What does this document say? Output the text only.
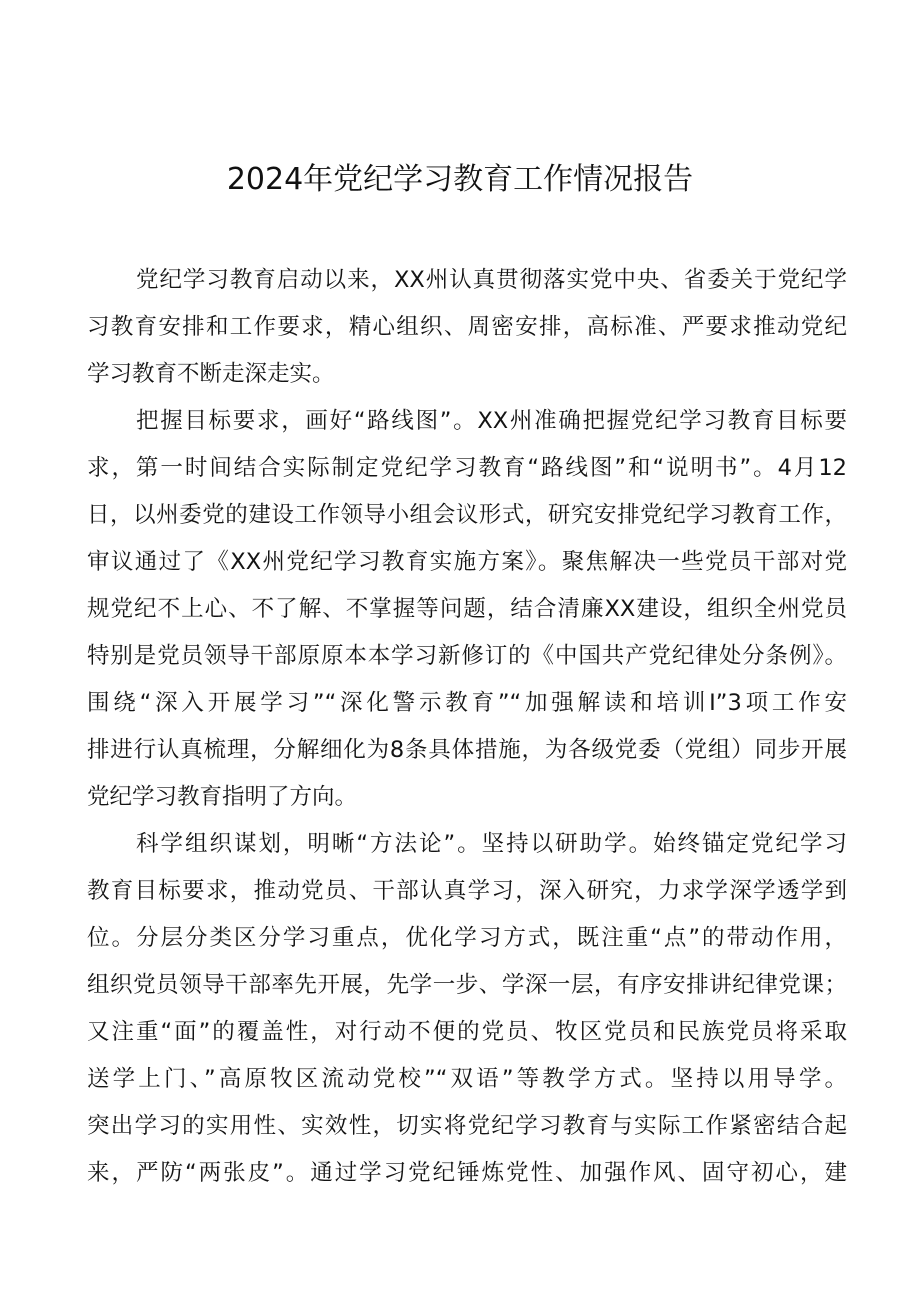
2024年党纪学习教育工作情况报告

党纪学习教育启动以来，XX州认真贯彻落实党中央、省委关于党纪学
习教育安排和工作要求，精心组织、周密安排，高标准、严要求推动党纪
学习教育不断走深走实。

把握目标要求，画好“路线图”。XX州准确把握党纪学习教育目标要
求，第一时间结合实际制定党纪学习教育“路线图”和“说明书”。4月12
日，以州委党的建设工作领导小组会议形式，研究安排党纪学习教育工作，
审议通过了《XX州党纪学习教育实施方案》。聚焦解决一些党员干部对党
规党纪不上心、不了解、不掌握等问题，结合清廉XX建设，组织全州党员
特别是党员领导干部原原本本学习新修订的《中国共产党纪律处分条例》。
围绕“深入开展学习”“深化警示教育”“加强解读和培训I”3项工作安
排进行认真梳理，分解细化为8条具体措施，为各级党委（党组）同步开展
党纪学习教育指明了方向。

科学组织谋划，明晰“方法论”。坚持以研助学。始终锚定党纪学习
教育目标要求，推动党员、干部认真学习，深入研究，力求学深学透学到
位。分层分类区分学习重点，优化学习方式，既注重“点”的带动作用，
组织党员领导干部率先开展，先学一步、学深一层，有序安排讲纪律党课；
又注重“面”的覆盖性，对行动不便的党员、牧区党员和民族党员将采取
送学上门、”高原牧区流动党校”“双语”等教学方式。坚持以用导学。
突出学习的实用性、实效性，切实将党纪学习教育与实际工作紧密结合起
来，严防“两张皮”。通过学习党纪锤炼党性、加强作风、固守初心，建
